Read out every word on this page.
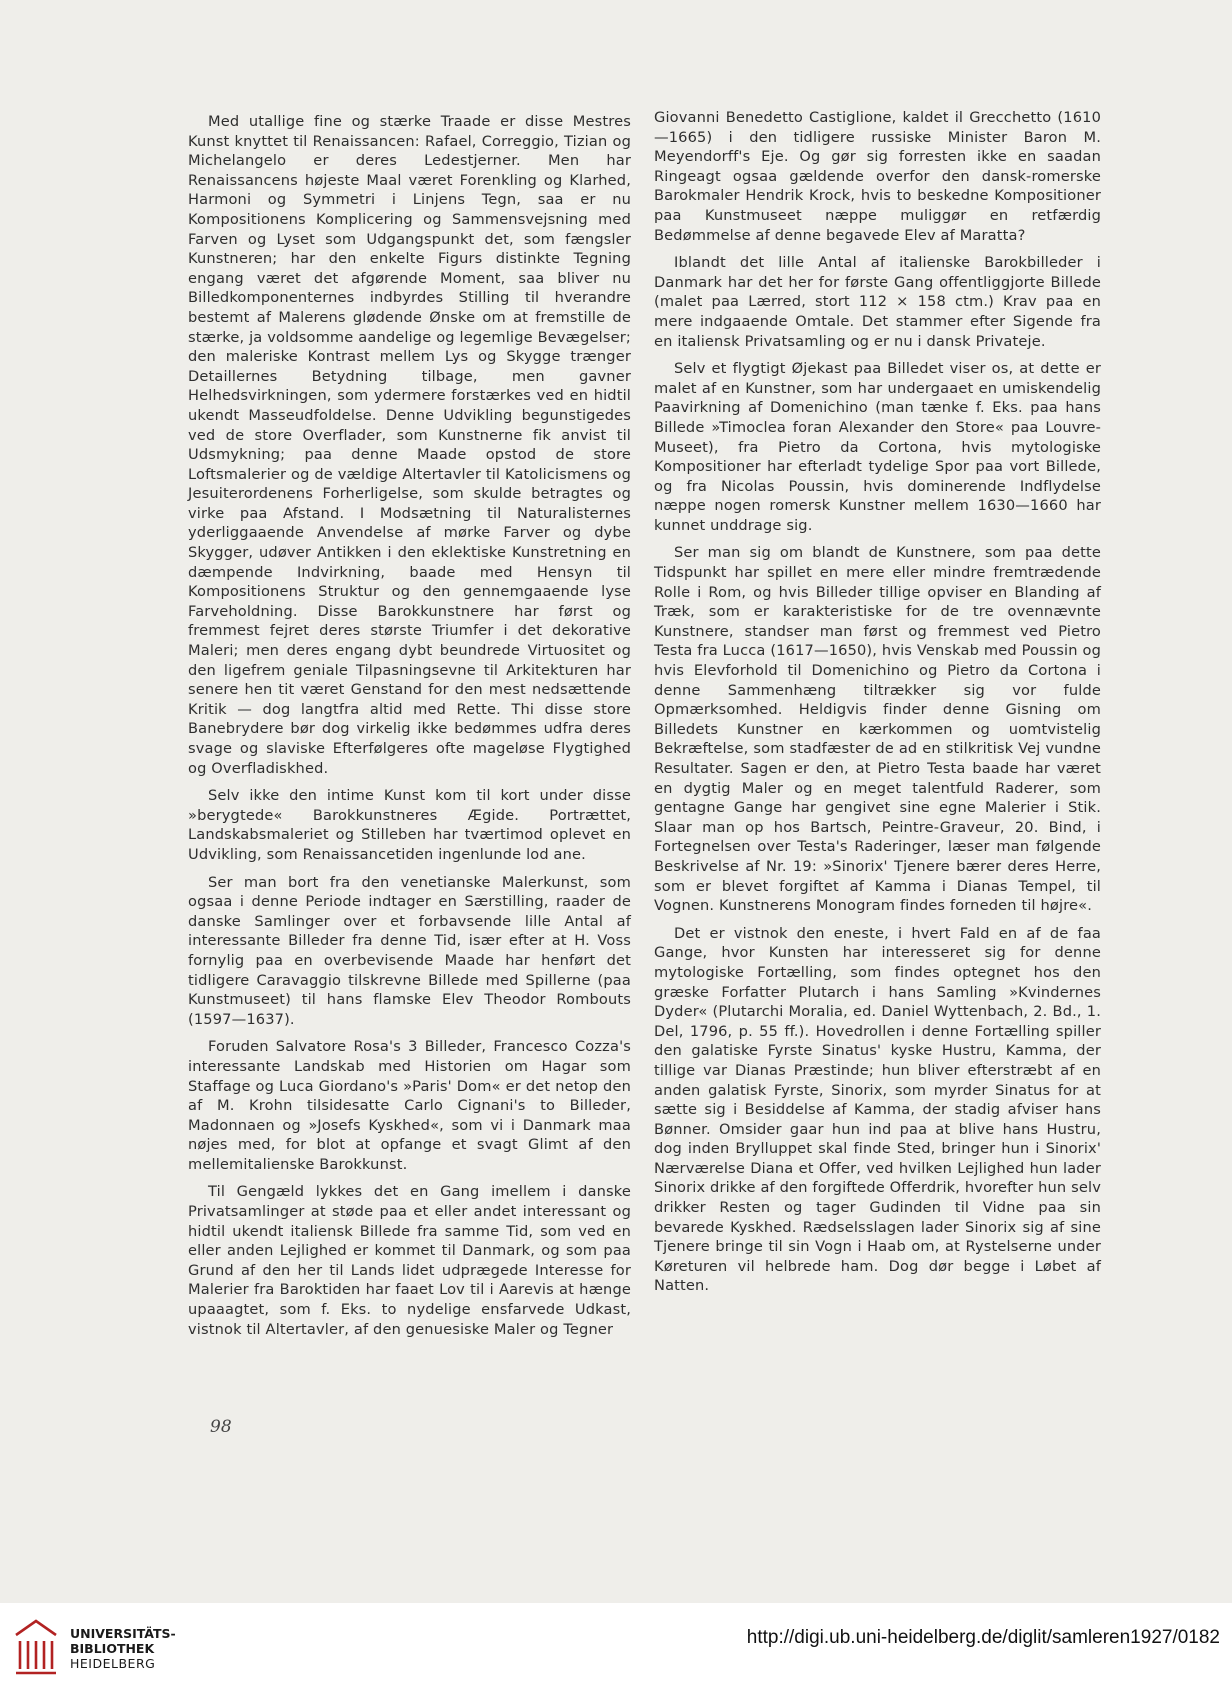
Med utallige fine og stærke Traade er disse Mestres Kunst knyttet til Renaissancen: Rafael, Correggio, Tizian og Michelangelo er deres Ledestjerner. Men har Renaissancens højeste Maal været Forenkling og Klarhed, Harmoni og Symmetri i Linjens Tegn, saa er nu Kompositionens Komplicering og Sammensvejsning med Farven og Lyset som Udgangspunkt det, som fængsler Kunstneren; har den enkelte Figurs distinkte Tegning engang været det afgørende Moment, saa bliver nu Billedkomponenternes indbyrdes Stilling til hverandre bestemt af Malerens glødende Ønske om at fremstille de stærke, ja voldsomme aandelige og legemlige Bevægelser; den maleriske Kontrast mellem Lys og Skygge trænger Detaillernes Betydning tilbage, men gavner Helhedsvirkningen, som ydermere forstærkes ved en hidtil ukendt Masseudfoldelse. Denne Udvikling begunstigedes ved de store Overflader, som Kunstnerne fik anvist til Udsmykning; paa denne Maade opstod de store Loftsmalerier og de vældige Altertavler til Katolicismens og Jesuiterordenens Forherligelse, som skulde betragtes og virke paa Afstand. I Modsætning til Naturalisternes yderliggaaende Anvendelse af mørke Farver og dybe Skygger, udøver Antikken i den eklektiske Kunstretning en dæmpende Indvirkning, baade med Hensyn til Kompositionens Struktur og den gennemgaaende lyse Farveholdning. Disse Barokkunstnere har først og fremmest fejret deres største Triumfer i det dekorative Maleri; men deres engang dybt beundrede Virtuositet og den ligefrem geniale Tilpasningsevne til Arkitekturen har senere hen tit været Genstand for den mest nedsættende Kritik — dog langtfra altid med Rette. Thi disse store Banebrydere bør dog virkelig ikke bedømmes udfra deres svage og slaviske Efterfølgeres ofte mageløse Flygtighed og Overfladiskhed.

Selv ikke den intime Kunst kom til kort under disse »berygtede« Barokkunstneres Ægide. Portrættet, Landskabsmaleriet og Stilleben har tværtimod oplevet en Udvikling, som Renaissancetiden ingenlunde lod ane.

Ser man bort fra den venetianske Malerkunst, som ogsaa i denne Periode indtager en Særstilling, raader de danske Samlinger over et forbavsende lille Antal af interessante Billeder fra denne Tid, især efter at H. Voss fornylig paa en overbevisende Maade har henført det tidligere Caravaggio tilskrevne Billede med Spillerne (paa Kunstmuseet) til hans flamske Elev Theodor Rombouts (1597—1637).

Foruden Salvatore Rosa's 3 Billeder, Francesco Cozza's interessante Landskab med Historien om Hagar som Staffage og Luca Giordano's »Paris' Dom« er det netop den af M. Krohn tilsidesatte Carlo Cignani's to Billeder, Madonnaen og »Josefs Kyskhed«, som vi i Danmark maa nøjes med, for blot at opfange et svagt Glimt af den mellemitalienske Barokkunst.

Til Gengæld lykkes det en Gang imellem i danske Privatsamlinger at støde paa et eller andet interessant og hidtil ukendt italiensk Billede fra samme Tid, som ved en eller anden Lejlighed er kommet til Danmark, og som paa Grund af den her til Lands lidet udprægede Interesse for Malerier fra Baroktiden har faaet Lov til i Aarevis at hænge upaaagtet, som f. Eks. to nydelige ensfarvede Udkast, vistnok til Altertavler, af den genuesiske Maler og Tegner

Giovanni Benedetto Castiglione, kaldet il Grecchetto (1610—1665) i den tidligere russiske Minister Baron M. Meyendorff's Eje. Og gør sig forresten ikke en saadan Ringeagt ogsaa gældende overfor den dansk-romerske Barokmaler Hendrik Krock, hvis to beskedne Kompositioner paa Kunstmuseet næppe muliggør en retfærdig Bedømmelse af denne begavede Elev af Maratta?

Iblandt det lille Antal af italienske Barokbilleder i Danmark har det her for første Gang offentliggjorte Billede (malet paa Lærred, stort 112 ⨯ 158 ctm.) Krav paa en mere indgaaende Omtale. Det stammer efter Sigende fra en italiensk Privatsamling og er nu i dansk Privateje.

Selv et flygtigt Øjekast paa Billedet viser os, at dette er malet af en Kunstner, som har undergaaet en umiskendelig Paavirkning af Domenichino (man tænke f. Eks. paa hans Billede »Timoclea foran Alexander den Store« paa Louvre-Museet), fra Pietro da Cortona, hvis mytologiske Kompositioner har efterladt tydelige Spor paa vort Billede, og fra Nicolas Poussin, hvis dominerende Indflydelse næppe nogen romersk Kunstner mellem 1630—1660 har kunnet unddrage sig.

Ser man sig om blandt de Kunstnere, som paa dette Tidspunkt har spillet en mere eller mindre fremtrædende Rolle i Rom, og hvis Billeder tillige opviser en Blanding af Træk, som er karakteristiske for de tre ovennævnte Kunstnere, standser man først og fremmest ved Pietro Testa fra Lucca (1617—1650), hvis Venskab med Poussin og hvis Elevforhold til Domenichino og Pietro da Cortona i denne Sammenhæng tiltrækker sig vor fulde Opmærksomhed. Heldigvis finder denne Gisning om Billedets Kunstner en kærkommen og uomtvistelig Bekræftelse, som stadfæster de ad en stilkritisk Vej vundne Resultater. Sagen er den, at Pietro Testa baade har været en dygtig Maler og en meget talentfuld Raderer, som gentagne Gange har gengivet sine egne Malerier i Stik. Slaar man op hos Bartsch, Peintre-Graveur, 20. Bind, i Fortegnelsen over Testa's Raderinger, læser man følgende Beskrivelse af Nr. 19: »Sinorix' Tjenere bærer deres Herre, som er blevet forgiftet af Kamma i Dianas Tempel, til Vognen. Kunstnerens Monogram findes forneden til højre«.

Det er vistnok den eneste, i hvert Fald en af de faa Gange, hvor Kunsten har interesseret sig for denne mytologiske Fortælling, som findes optegnet hos den græske Forfatter Plutarch i hans Samling »Kvindernes Dyder« (Plutarchi Moralia, ed. Daniel Wyttenbach, 2. Bd., 1. Del, 1796, p. 55 ff.). Hovedrollen i denne Fortælling spiller den galatiske Fyrste Sinatus' kyske Hustru, Kamma, der tillige var Dianas Præstinde; hun bliver efterstræbt af en anden galatisk Fyrste, Sinorix, som myrder Sinatus for at sætte sig i Besiddelse af Kamma, der stadig afviser hans Bønner. Omsider gaar hun ind paa at blive hans Hustru, dog inden Brylluppet skal finde Sted, bringer hun i Sinorix' Nærværelse Diana et Offer, ved hvilken Lejlighed hun lader Sinorix drikke af den forgiftede Offerdrik, hvorefter hun selv drikker Resten og tager Gudinden til Vidne paa sin bevarede Kyskhed. Rædselsslagen lader Sinorix sig af sine Tjenere bringe til sin Vogn i Haab om, at Rystelserne under Køreturen vil helbrede ham. Dog dør begge i Løbet af Natten.

98
UNIVERSITÄTS-
BIBLIOTHEK
HEIDELBERG
http://digi.ub.uni-heidelberg.de/diglit/samleren1927/0182
